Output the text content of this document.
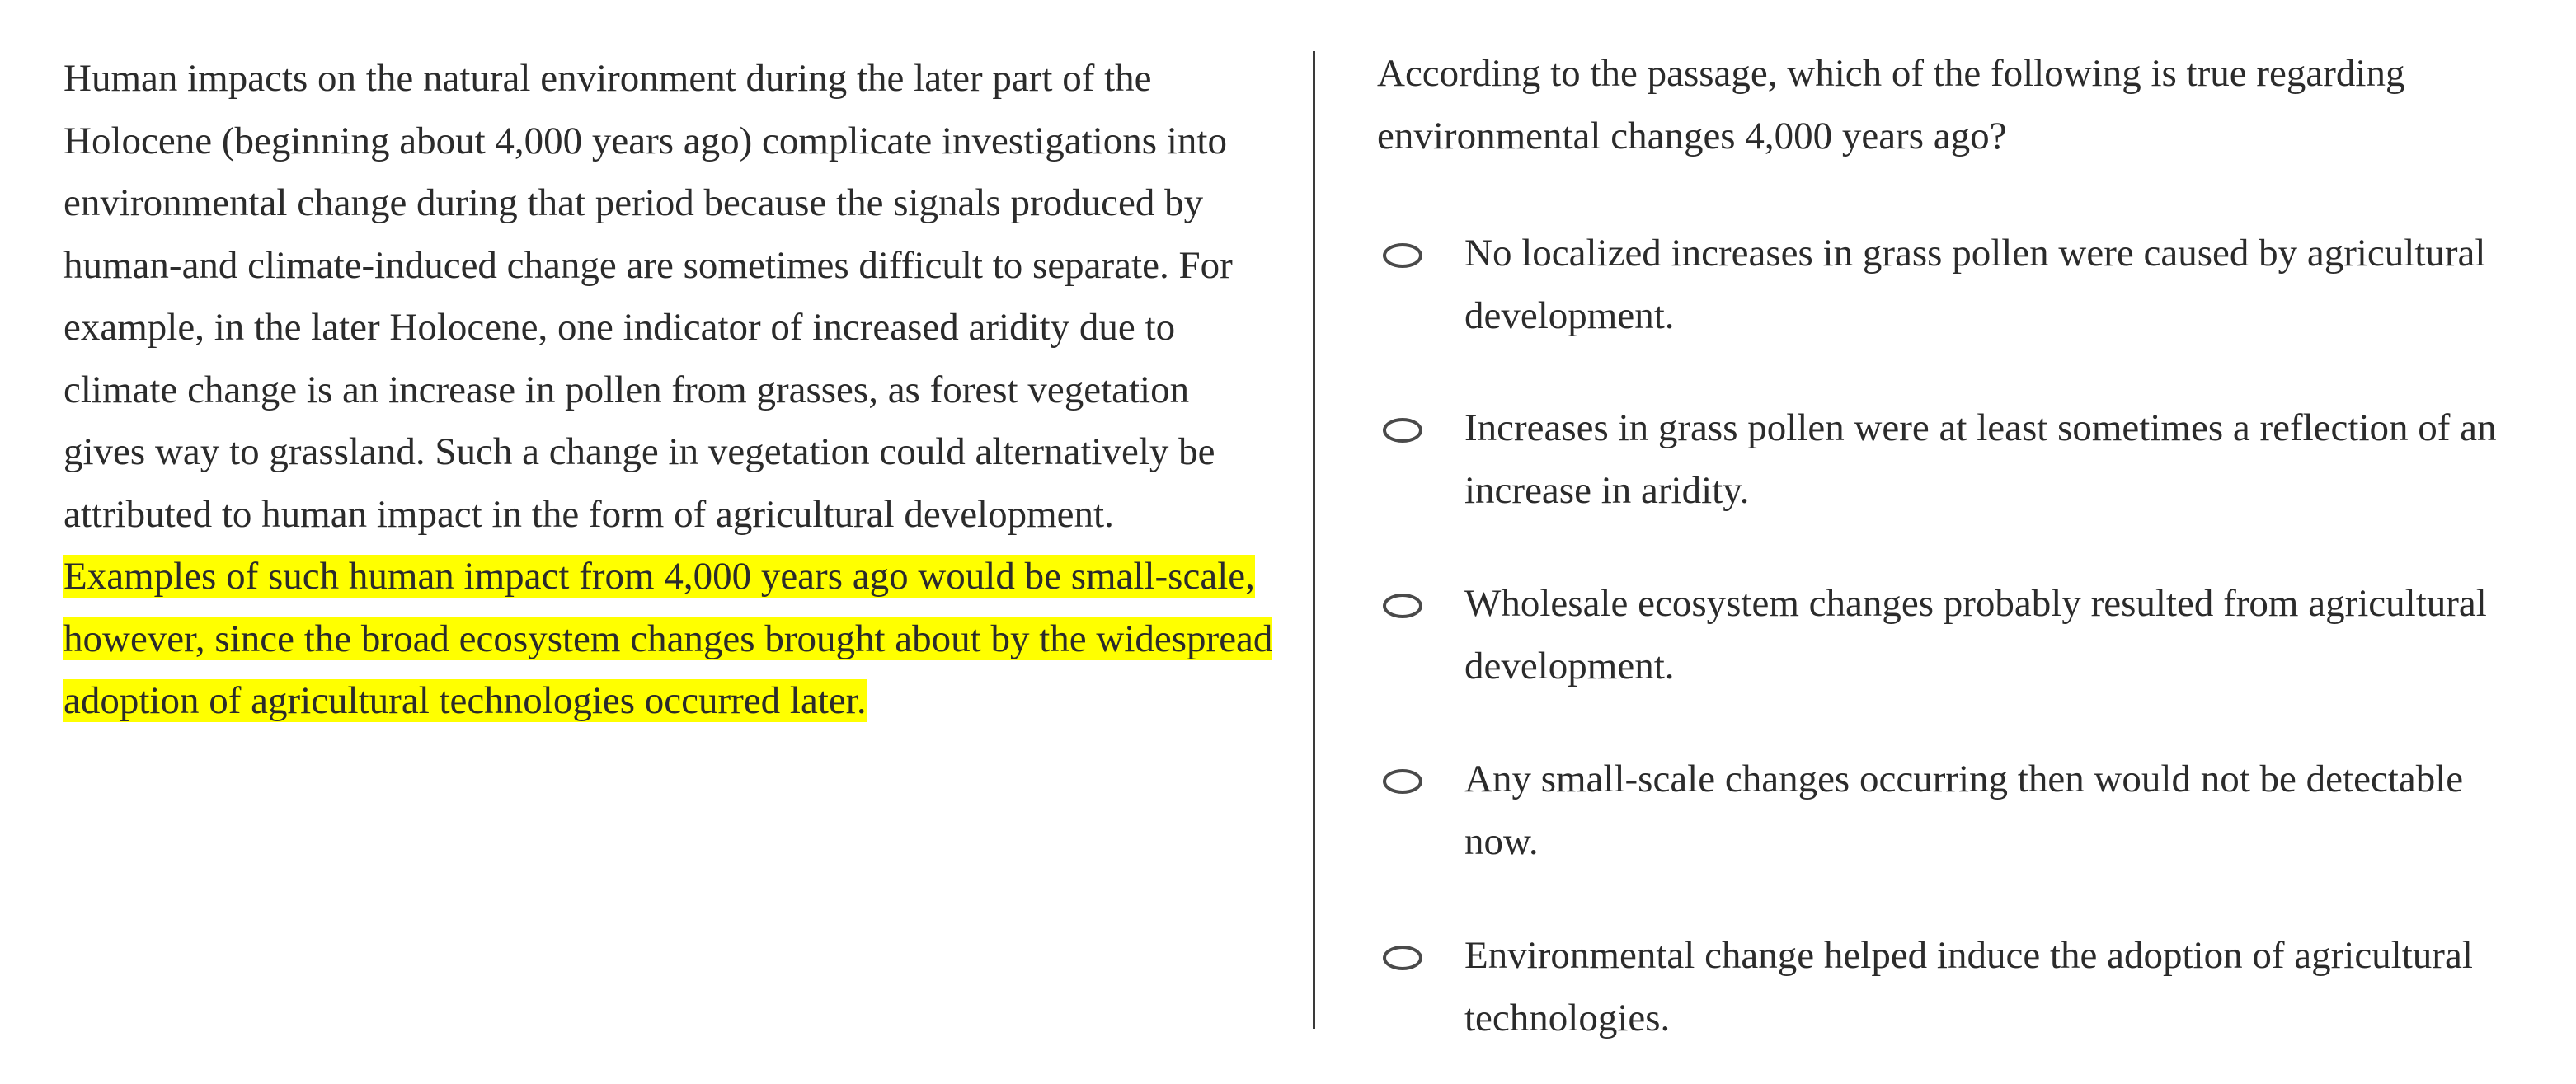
Human impacts on the natural environment during the later part of the Holocene (beginning about 4,000 years ago) complicate investigations into environmental change during that period because the signals produced by human-and climate-induced change are sometimes difficult to separate. For example, in the later Holocene, one indicator of increased aridity due to climate change is an increase in pollen from grasses, as forest vegetation gives way to grassland. Such a change in vegetation could alternatively be attributed to human impact in the form of agricultural development. Examples of such human impact from 4,000 years ago would be small-scale, however, since the broad ecosystem changes brought about by the widespread adoption of agricultural technologies occurred later.
According to the passage, which of the following is true regarding environmental changes 4,000 years ago?
No localized increases in grass pollen were caused by agricultural development.
Increases in grass pollen were at least sometimes a reflection of an increase in aridity.
Wholesale ecosystem changes probably resulted from agricultural development.
Any small-scale changes occurring then would not be detectable now.
Environmental change helped induce the adoption of agricultural technologies.
